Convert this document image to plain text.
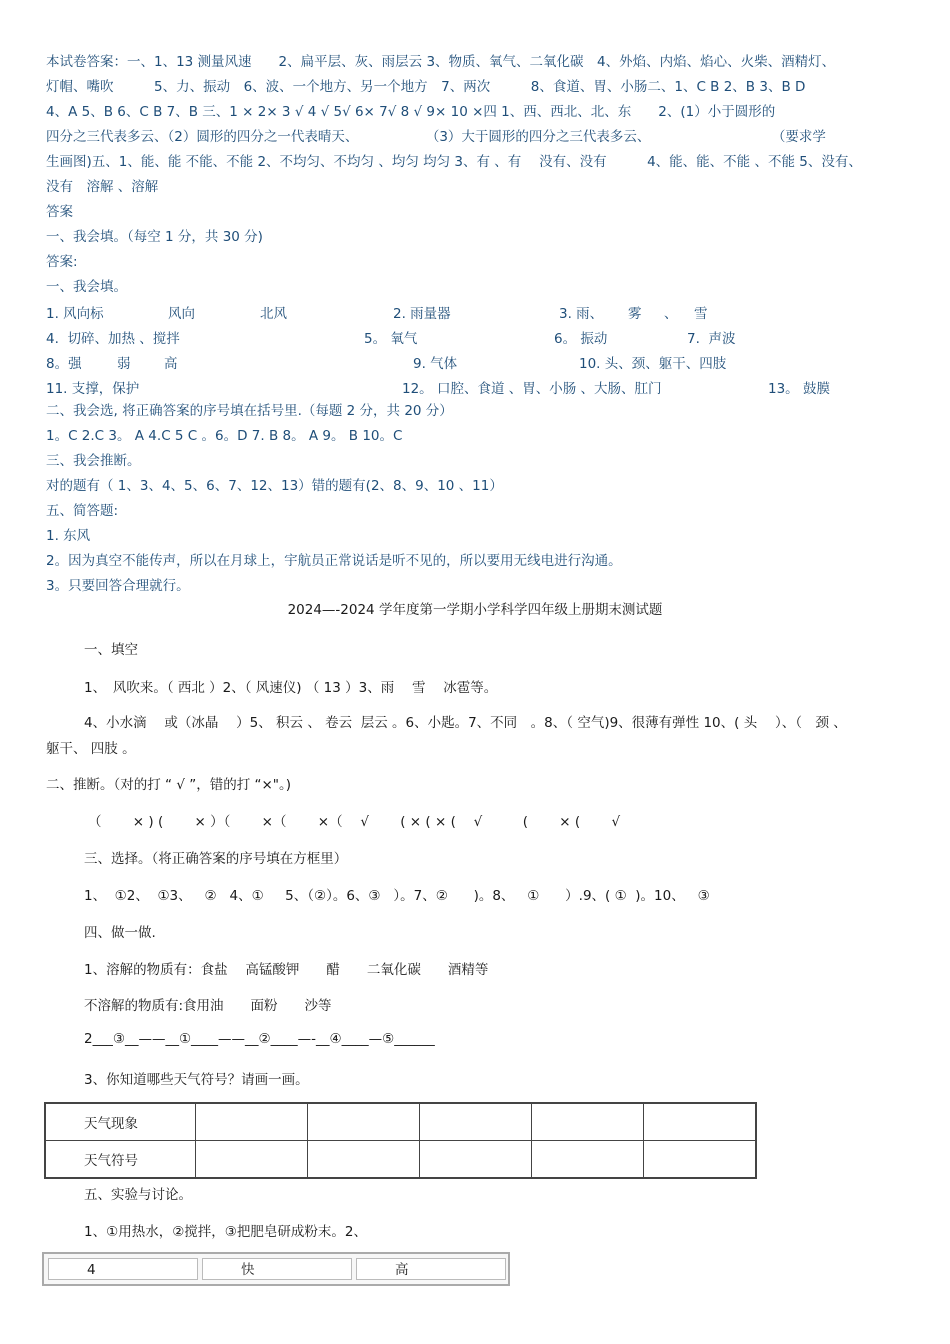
本试卷答案：一、1、13 测量风速　　2、扁平层、灰、雨层云 3、物质、氧气、二氧化碳　4、外焰、内焰、焰心、火柴、酒精灯、
灯帽、嘴吹　　　5、力、振动　6、波、一个地方、另一个地方　7、两次　　　8、食道、胃、小肠二、1、C B 2、B 3、B D
4、A 5、B 6、C B 7、B 三、1 × 2× 3 √ 4 √ 5√ 6× 7√ 8 √ 9× 10 ×四 1、西、西北、北、东　　2、(1）小于圆形的
四分之三代表多云、（2）圆形的四分之一代表晴天、　　　　　　（3）大于圆形的四分之三代表多云、　　　　　　　　　　（要求学
生画图)五、1、能、能 不能、不能 2、不均匀、不均匀 、均匀 均匀 3、有 、有　 没有、没有　　　4、能、能、不能 、不能 5、没有、
没有　溶解 、溶解
答案
一、我会填。（每空 1 分，共 30 分)
答案:
一、我会填。
1. 风向标	风向	北风	2. 雨量器	3. 雨、 雾 、 雪
4.  切碎、加热 、搅拌	5。 氧气	6。 振动	7.  声波
8。强	弱 高	9. 气体	10. 头、颈、躯干、四肢
11. 支撑，保护	12。 口腔、食道 、胃、小肠 、大肠、肛门	13。 鼓膜
二、我会选, 将正确答案的序号填在括号里.（每题 2 分，共 20 分）
1。C 2.C 3。 A 4.C 5 C 。6。D 7. B 8。 A 9。 B 10。C
三、我会推断。
对的题有（ 1、3、4、5、6、7、12、13）错的题有(2、8、9、10 、11）
五、简答题:
1. 东风
2。因为真空不能传声，所以在月球上，宇航员正常说话是听不见的，所以要用无线电进行沟通。
3。只要回答合理就行。
2024—-2024 学年度第一学期小学科学四年级上册期末测试题
一、填空
1、　风吹来。（ 西北 ）2、（ 风速仪) （ 13 ）3、雨　 雪　 冰雹等。
4、小水滴　 或（冰晶　 ）5、 积云 、 卷云  层云 。6、小匙。7、不同　。8、（ 空气)9、很薄有弹性 10、( 头　 ）、（　颈 、
躯干、 四肢 。
二、推断。（对的打 “ √ ”，错的打 “×"。)
（　　 × ) (　　 × ）（　　 ×（　　 ×（　 √　　 ( × ( × (　 √　　　(　　 × (　　 √
三、选择。（将正确答案的序号填在方框里）
1、  ①2、  ①3、   ②   4、①     5、（②）。6、③   ）。7、②      )。8、   ①      ）.9、( ①  )。10、   ③
四、做一做.
1、溶解的物质有：食盐　 高锰酸钾　　醋　　二氧化碳　　酒精等
不溶解的物质有:食用油　　面粉　　沙等
2___③__——__①____——__②____—-__④____—⑤______
3、你知道哪些天气符号？请画一画。
天气现象					
天气符号					
五、实验与讨论。
1、①用热水，②搅拌，③把肥皂研成粉末。2、
4	快	高
